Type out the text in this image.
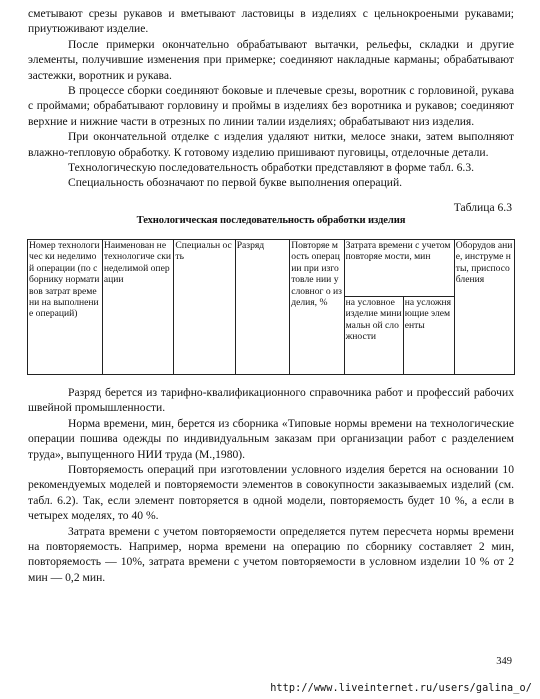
сметывают срезы рукавов и вметывают ластовицы в изделиях с цельнокроеными рукавами; приутюживают изделие.

После примерки окончательно обрабатывают вытачки, рельефы, складки и другие элементы, получившие изменения при примерке; соединяют накладные карманы; обрабатывают застежки, воротник и рукава.

В процессе сборки соединяют боковые и плечевые срезы, воротник с горловиной, рукава с проймами; обрабатывают горловину и проймы в изделиях без воротника и рукавов; соединяют верхние и нижние части в отрезных по линии талии изделиях; обрабатывают низ изделия.

При окончательной отделке с изделия удаляют нитки, мелосе знаки, затем выполняют влажно-тепловую обработку. К готовому изделию пришивают пуговицы, отделочные детали.

Технологическую последовательность обработки представляют в форме табл. 6.3.

Специальность обозначают по первой букве выполнения операций.

Таблица 6.3
Технологическая последовательность обработки изделия
Номер технологичес ки неделимой операции (по сборнику нормативов затрат времени на выполнение операций)	Наименован не технологиче ски неделимой операции	Специальн ость	Разряд	Повторяе мость операции при изготовле нии условног о изделия, %	Затрата времени с учетом повторяе мости, мин		Оборудов ание, инструме нты, приспосо бления
					на условное изделие минимальн ой сложности	на усложня ющие элементы	

Разряд берется из тарифно-квалификационного справочника работ и профессий рабочих швейной промышленности.

Норма времени, мин, берется из сборника «Типовые нормы времени на технологические операции пошива одежды по индивидуальным заказам при организации работ с разделением труда», выпущенного НИИ труда (М.,1980).

Повторяемость операций при изготовлении условного изделия берется на основании 10 рекомендуемых моделей и повторяемости элементов в совокупности заказываемых изделий (см. табл. 6.2). Так, если элемент повторяется в одной модели, повторяемость будет 10 %, а если в четырех моделях, то 40 %.

Затрата времени с учетом повторяемости определяется путем пересчета нормы времени на повторяемость. Например, норма времени на операцию по сборнику составляет 2 мин, повторяемость — 10%, затрата времени с учетом повторяемости в условном изделии 10 % от 2 мин — 0,2 мин.

349
http://www.liveinternet.ru/users/galina_o/
